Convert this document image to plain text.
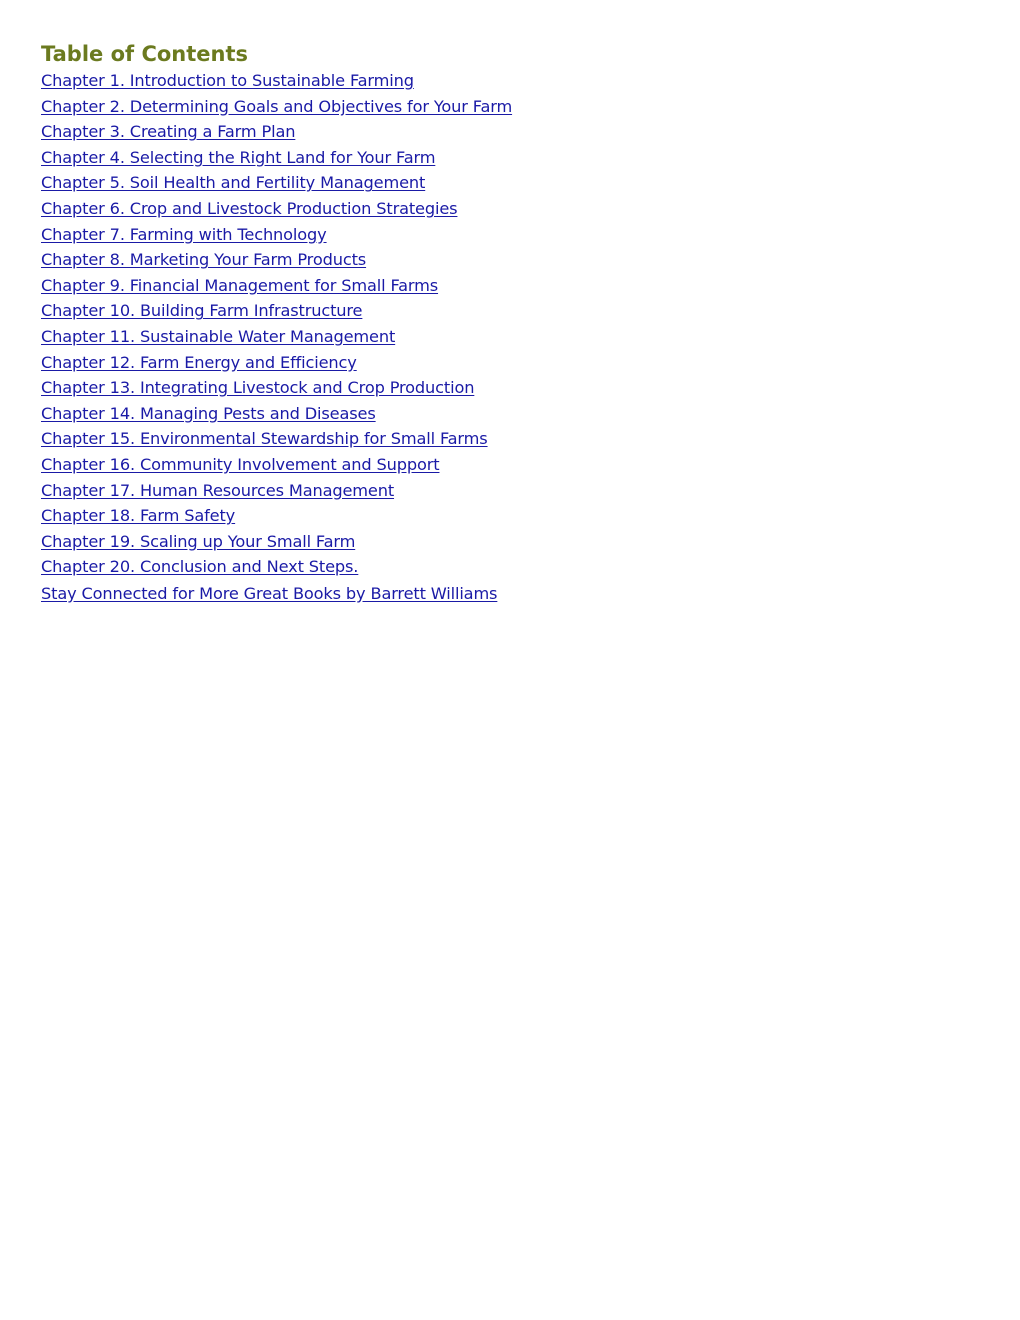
Table of Contents
Chapter 1. Introduction to Sustainable Farming
Chapter 2. Determining Goals and Objectives for Your Farm
Chapter 3. Creating a Farm Plan
Chapter 4. Selecting the Right Land for Your Farm
Chapter 5. Soil Health and Fertility Management
Chapter 6. Crop and Livestock Production Strategies
Chapter 7. Farming with Technology
Chapter 8. Marketing Your Farm Products
Chapter 9. Financial Management for Small Farms
Chapter 10. Building Farm Infrastructure
Chapter 11. Sustainable Water Management
Chapter 12. Farm Energy and Efficiency
Chapter 13. Integrating Livestock and Crop Production
Chapter 14. Managing Pests and Diseases
Chapter 15. Environmental Stewardship for Small Farms
Chapter 16. Community Involvement and Support
Chapter 17. Human Resources Management
Chapter 18. Farm Safety
Chapter 19. Scaling up Your Small Farm
Chapter 20. Conclusion and Next Steps.
Stay Connected for More Great Books by Barrett Williams
